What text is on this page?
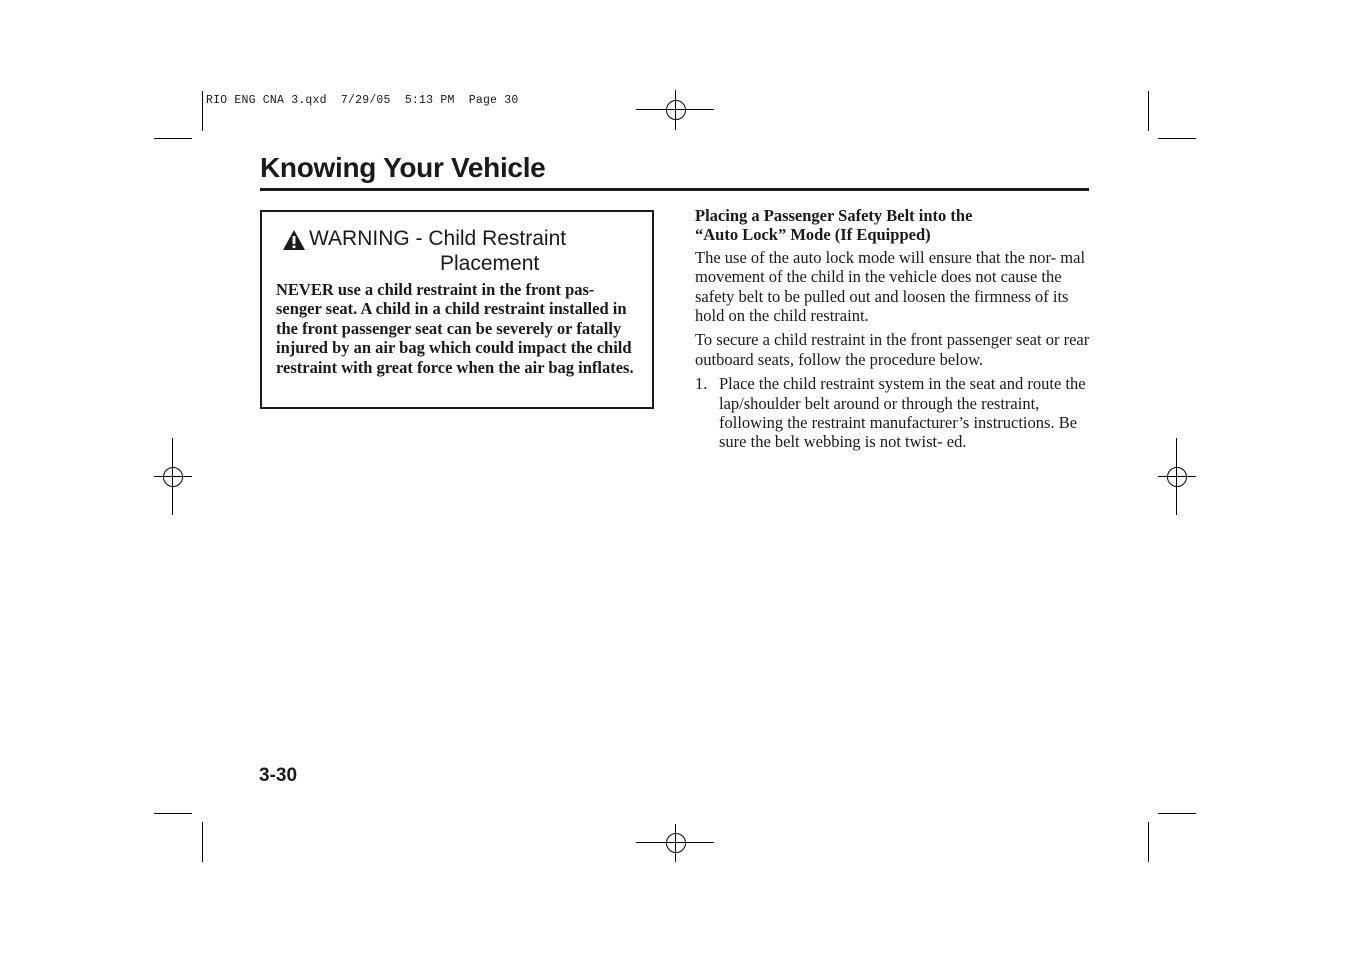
RIO ENG CNA 3.qxd  7/29/05  5:13 PM  Page 30
Knowing Your Vehicle
WARNING - Child Restraint
Placement

NEVER use a child restraint in the front pas- senger seat. A child in a child restraint installed in the front passenger seat can be severely or fatally injured by an air bag which could impact the child restraint with great force when the air bag inflates.

Placing a Passenger Safety Belt into the
“Auto Lock” Mode (If Equipped)

The use of the auto lock mode will ensure that the nor- mal movement of the child in the vehicle does not cause the safety belt to be pulled out and loosen the firmness of its hold on the child restraint.

To secure a child restraint in the front passenger seat or rear outboard seats, follow the procedure below.

1. Place the child restraint system in the seat and route the lap/shoulder belt around or through the restraint, following the restraint manufacturer’s instructions. Be sure the belt webbing is not twist- ed.
3-30
